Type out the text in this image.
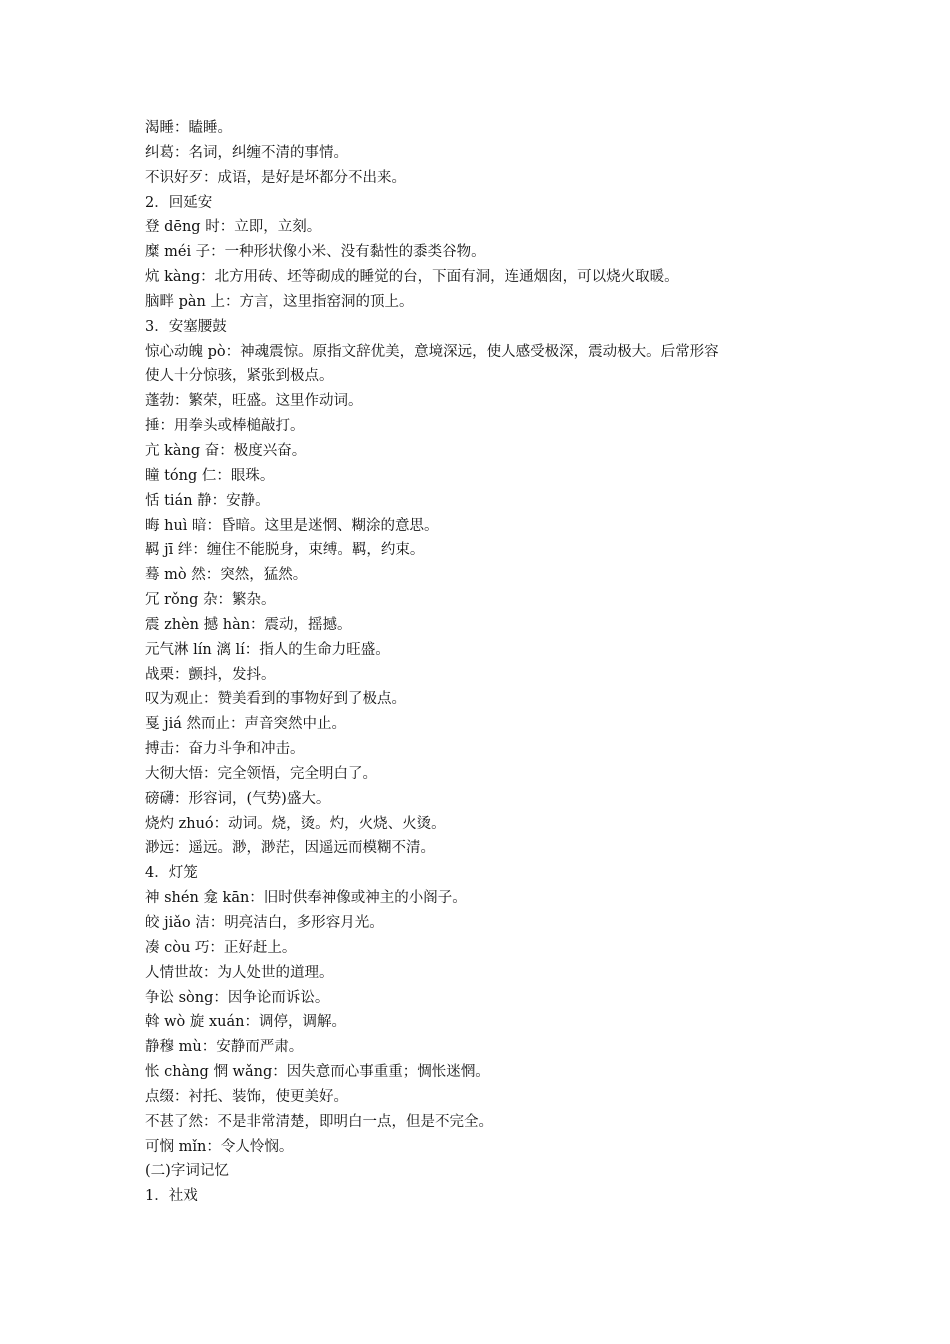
渴睡：瞌睡。
纠葛：名词，纠缠不清的事情。
不识好歹：成语，是好是坏都分不出来。
2．回延安
登 dēng 时：立即，立刻。
糜 méi 子：一种形状像小米、没有黏性的黍类谷物。
炕 kàng：北方用砖、坯等砌成的睡觉的台，下面有洞，连通烟囱，可以烧火取暖。
脑畔 pàn 上：方言，这里指窑洞的顶上。
3．安塞腰鼓
惊心动魄 pò：神魂震惊。原指文辞优美，意境深远，使人感受极深，震动极大。后常形容
使人十分惊骇，紧张到极点。
蓬勃：繁荣，旺盛。这里作动词。
捶：用拳头或棒槌敲打。
亢 kàng 奋：极度兴奋。
瞳 tóng 仁：眼珠。
恬 tián 静：安静。
晦 huì 暗：昏暗。这里是迷惘、糊涂的意思。
羁 jī 绊：缠住不能脱身，束缚。羁，约束。
蓦 mò 然：突然，猛然。
冗 rǒng 杂：繁杂。
震 zhèn 撼 hàn：震动，摇撼。
元气淋 lín 漓 lí：指人的生命力旺盛。
战栗：颤抖，发抖。
叹为观止：赞美看到的事物好到了极点。
戛 jiá 然而止：声音突然中止。
搏击：奋力斗争和冲击。
大彻大悟：完全领悟，完全明白了。
磅礴：形容词，(气势)盛大。
烧灼 zhuó：动词。烧，烫。灼，火烧、火烫。
渺远：遥远。渺，渺茫，因遥远而模糊不清。
4．灯笼
神 shén 龛 kān：旧时供奉神像或神主的小阁子。
皎 jiǎo 洁：明亮洁白，多形容月光。
凑 còu 巧：正好赶上。
人情世故：为人处世的道理。
争讼 sòng：因争论而诉讼。
斡 wò 旋 xuán：调停，调解。
静穆 mù：安静而严肃。
怅 chàng 惘 wǎng：因失意而心事重重；惆怅迷惘。
点缀：衬托、装饰，使更美好。
不甚了然：不是非常清楚，即明白一点，但是不完全。
可悯 mǐn：令人怜悯。
(二)字词记忆
1．社戏
